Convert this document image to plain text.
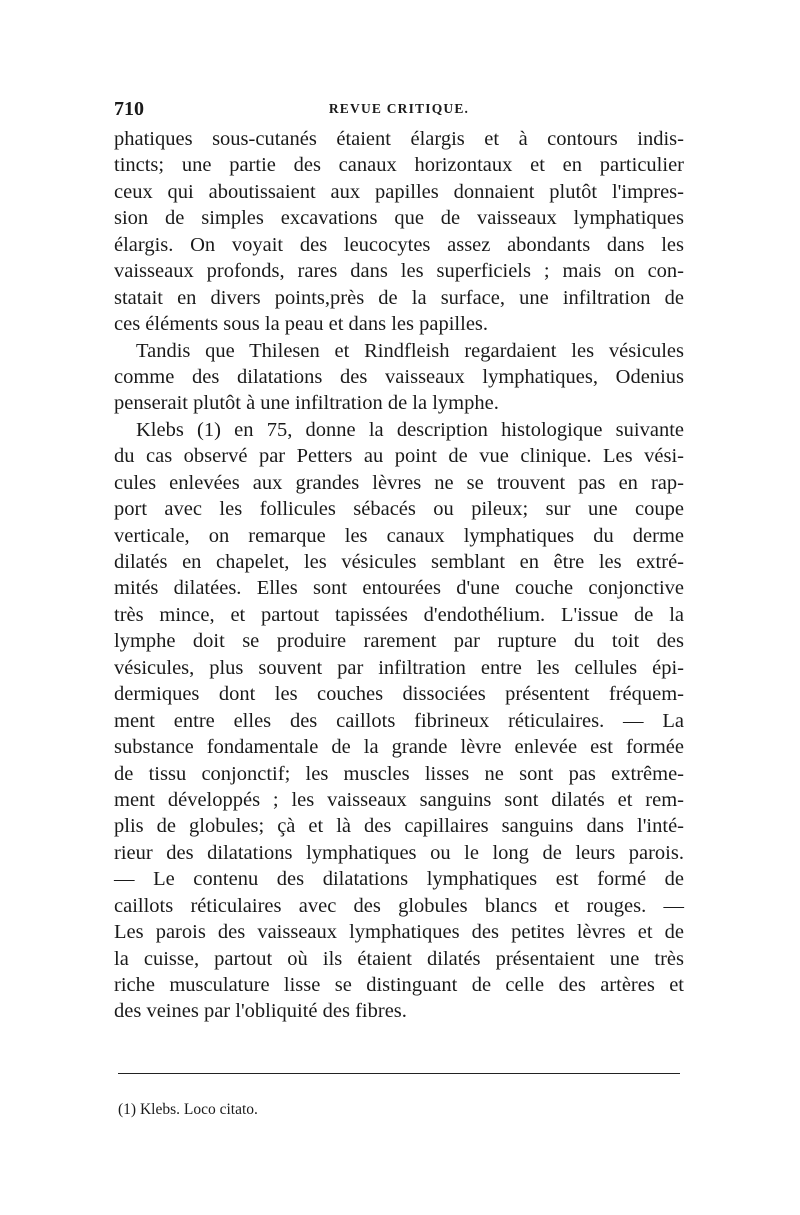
710	REVUE CRITIQUE.
phatiques sous-cutanés étaient élargis et à contours indis-
tincts; une partie des canaux horizontaux et en particulier
ceux qui aboutissaient aux papilles donnaient plutôt l'impres-
sion de simples excavations que de vaisseaux lymphatiques
élargis. On voyait des leucocytes assez abondants dans les
vaisseaux profonds, rares dans les superficiels ; mais on con-
statait en divers points,près de la surface, une infiltration de
ces éléments sous la peau et dans les papilles.
Tandis que Thilesen et Rindfleish regardaient les vésicules
comme des dilatations des vaisseaux lymphatiques, Odenius
penserait plutôt à une infiltration de la lymphe.
Klebs (1) en 75, donne la description histologique suivante
du cas observé par Petters au point de vue clinique. Les vési-
cules enlevées aux grandes lèvres ne se trouvent pas en rap-
port avec les follicules sébacés ou pileux; sur une coupe
verticale, on remarque les canaux lymphatiques du derme
dilatés en chapelet, les vésicules semblant en être les extré-
mités dilatées. Elles sont entourées d'une couche conjonctive
très mince, et partout tapissées d'endothélium. L'issue de la
lymphe doit se produire rarement par rupture du toit des
vésicules, plus souvent par infiltration entre les cellules épi-
dermiques dont les couches dissociées présentent fréquem-
ment entre elles des caillots fibrineux réticulaires. — La
substance fondamentale de la grande lèvre enlevée est formée
de tissu conjonctif; les muscles lisses ne sont pas extrême-
ment développés ; les vaisseaux sanguins sont dilatés et rem-
plis de globules; çà et là des capillaires sanguins dans l'inté-
rieur des dilatations lymphatiques ou le long de leurs parois.
— Le contenu des dilatations lymphatiques est formé de
caillots réticulaires avec des globules blancs et rouges. —
Les parois des vaisseaux lymphatiques des petites lèvres et de
la cuisse, partout où ils étaient dilatés présentaient une très
riche musculature lisse se distinguant de celle des artères et
des veines par l'obliquité des fibres.
(1) Klebs. Loco citato.
